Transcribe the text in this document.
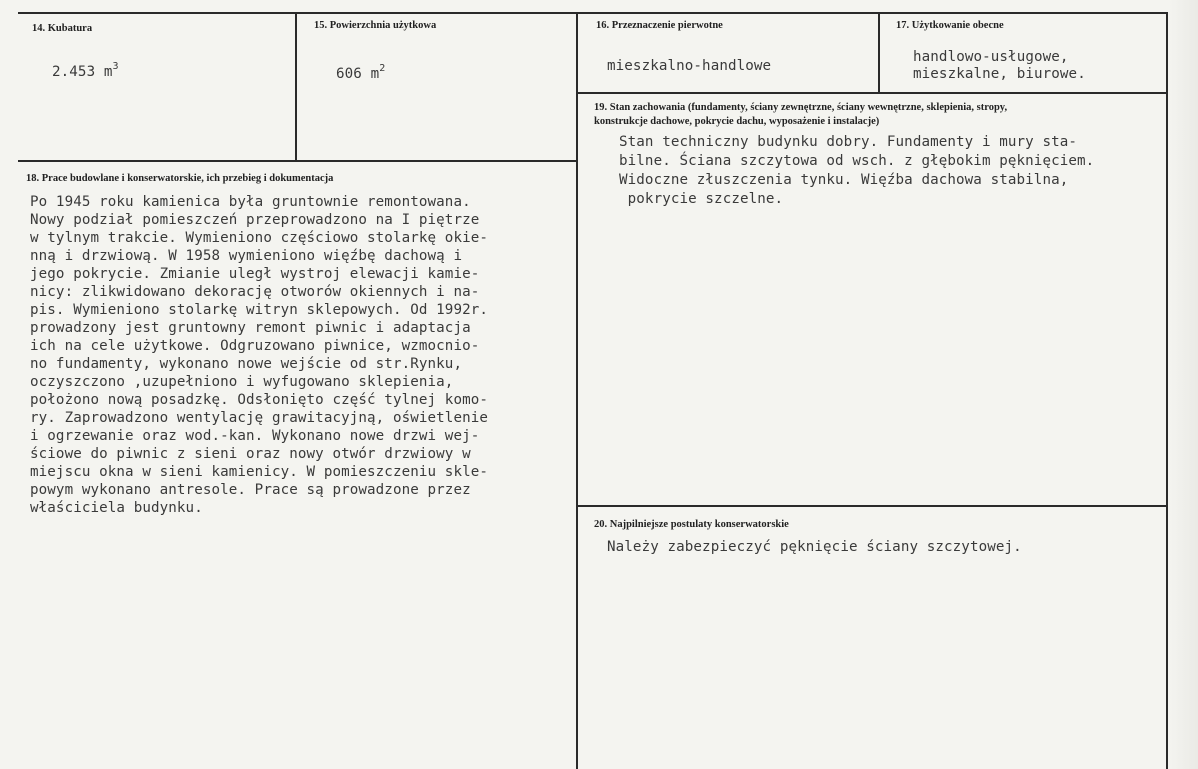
14. Kubatura
2.453 $m^3$
15. Powierzchnia użytkowa
606 $m^2$
16. Przeznaczenie pierwotne
mieszkalno-handlowe
17. Użytkowanie obecne
handlowo-usługowe,
mieszkalne, biurowe.
18. Prace budowlane i konserwatorskie, ich przebieg i dokumentacja
Po 1945 roku kamienica była gruntownie remontowana.
Nowy podział pomieszczeń przeprowadzono na I piętrze
w tylnym trakcie. Wymieniono częściowo stolarkę okie-
nną i drzwiową. W 1958 wymieniono więźbę dachową i
jego pokrycie. Zmianie uległ wystroj elewacji kamie-
nicy: zlikwidowano dekorację otworów okiennych i na-
pis. Wymieniono stolarkę witryn sklepowych. Od 1992r.
prowadzony jest gruntowny remont piwnic i adaptacja
ich na cele użytkowe. Odgruzowano piwnice, wzmocnio-
no fundamenty, wykonano nowe wejście od str.Rynku,
oczyszczono ,uzupełniono i wyfugowano sklepienia,
położono nową posadzkę. Odsłonięto część tylnej komo-
ry. Zaprowadzono wentylację grawitacyjną, oświetlenie
i ogrzewanie oraz wod.-kan. Wykonano nowe drzwi wej-
ściowe do piwnic z sieni oraz nowy otwór drzwiowy w
miejscu okna w sieni kamienicy. W pomieszczeniu skle-
powym wykonano antresole. Prace są prowadzone przez
właściciela budynku.
19. Stan zachowania (fundamenty, ściany zewnętrzne, ściany wewnętrzne, sklepienia, stropy,
konstrukcje dachowe, pokrycie dachu, wyposażenie i instalacje)
Stan techniczny budynku dobry. Fundamenty i mury sta-
bilne. Ściana szczytowa od wsch. z głębokim pęknięciem.
Widoczne złuszczenia tynku. Więźba dachowa stabilna,
pokrycie szczelne.
20. Najpilniejsze postulaty konserwatorskie
Należy zabezpieczyć pęknięcie ściany szczytowej.
